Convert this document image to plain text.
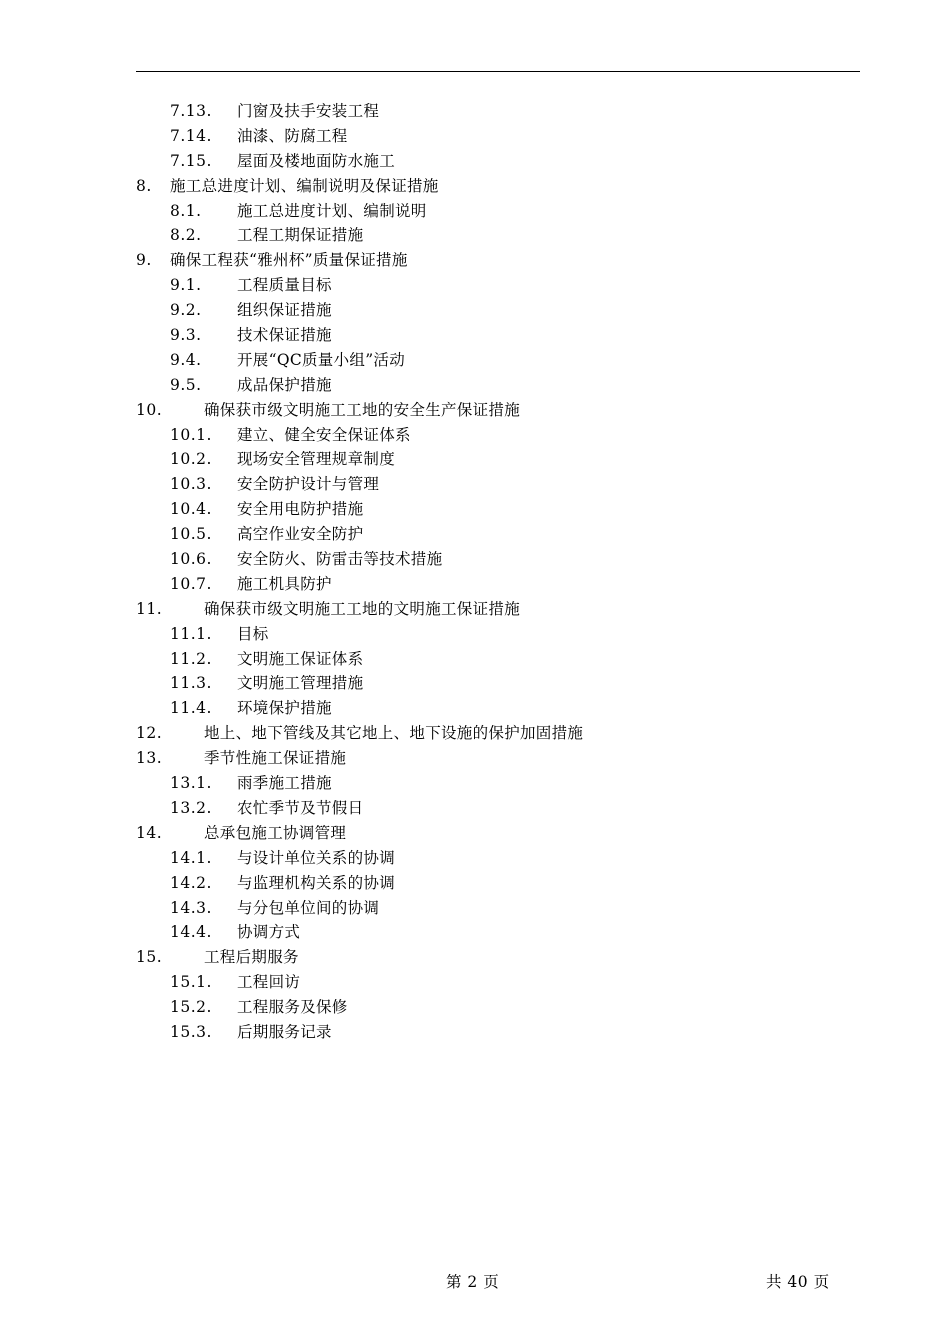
7.13. 门窗及扶手安装工程
7.14. 油漆、防腐工程
7.15. 屋面及楼地面防水施工
8. 施工总进度计划、编制说明及保证措施
8.1. 施工总进度计划、编制说明
8.2. 工程工期保证措施
9. 确保工程获“雅州杯”质量保证措施
9.1. 工程质量目标
9.2. 组织保证措施
9.3. 技术保证措施
9.4. 开展“QC质量小组”活动
9.5. 成品保护措施
10.	确保获市级文明施工工地的安全生产保证措施
10.1. 建立、健全安全保证体系
10.2. 现场安全管理规章制度
10.3. 安全防护设计与管理
10.4. 安全用电防护措施
10.5. 高空作业安全防护
10.6. 安全防火、防雷击等技术措施
10.7. 施工机具防护
11.	确保获市级文明施工工地的文明施工保证措施
11.1. 目标
11.2. 文明施工保证体系
11.3. 文明施工管理措施
11.4. 环境保护措施
12.	地上、地下管线及其它地上、地下设施的保护加固措施
13.	季节性施工保证措施
13.1. 雨季施工措施
13.2. 农忙季节及节假日
14.	总承包施工协调管理
14.1. 与设计单位关系的协调
14.2. 与监理机构关系的协调
14.3. 与分包单位间的协调
14.4. 协调方式
15.	工程后期服务
15.1. 工程回访
15.2. 工程服务及保修
15.3. 后期服务记录
第 2 页	共 40 页
